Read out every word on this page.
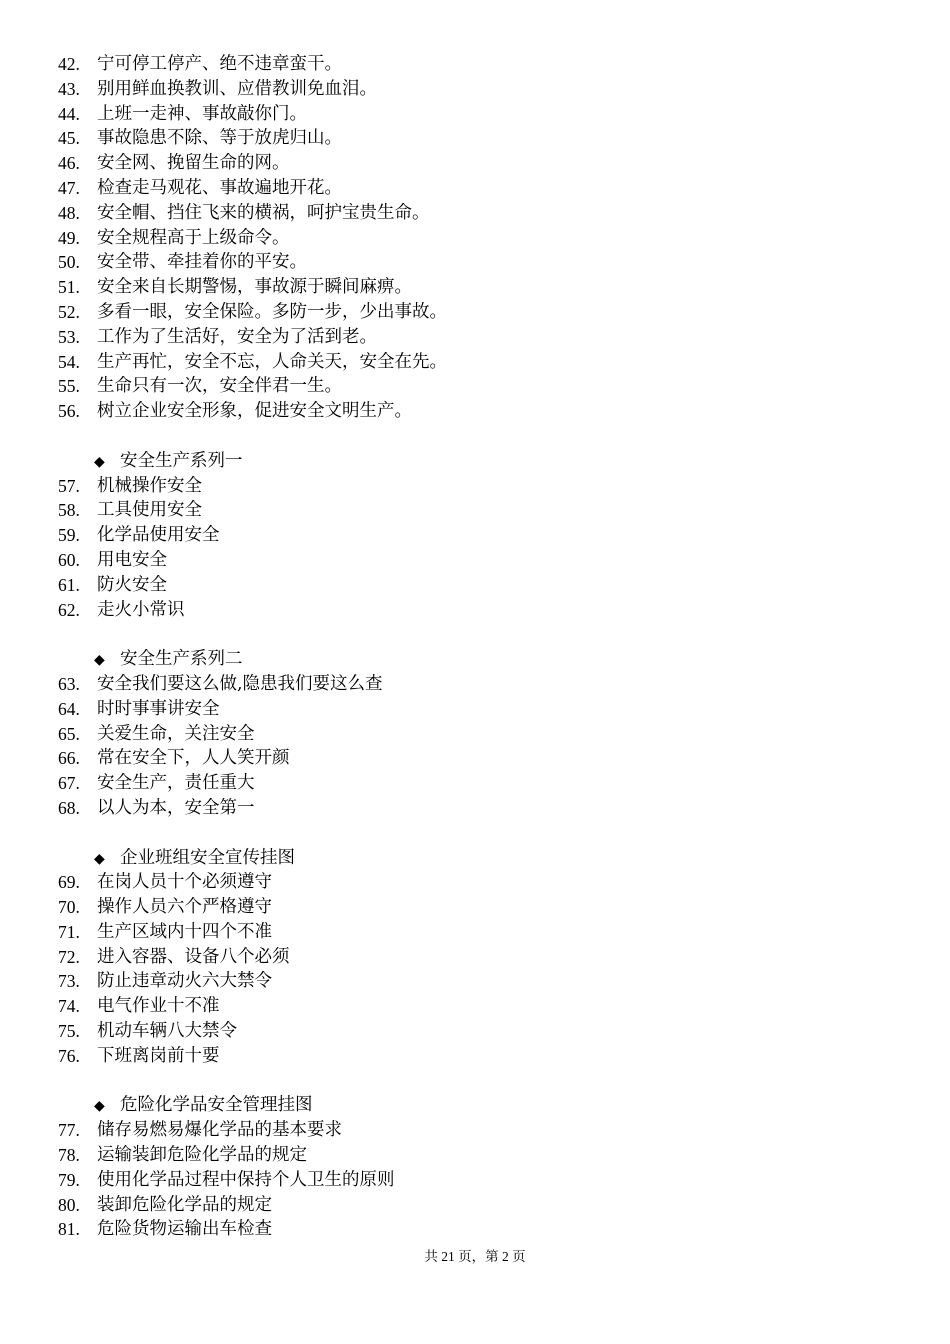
42. 宁可停工停产、绝不违章蛮干。
43. 别用鲜血换教训、应借教训免血泪。
44. 上班一走神、事故敲你门。
45. 事故隐患不除、等于放虎归山。
46. 安全网、挽留生命的网。
47. 检查走马观花、事故遍地开花。
48. 安全帽、挡住飞来的横祸，呵护宝贵生命。
49. 安全规程高于上级命令。
50. 安全带、牵挂着你的平安。
51. 安全来自长期警惕，事故源于瞬间麻痹。
52. 多看一眼，安全保险。多防一步，少出事故。
53. 工作为了生活好，安全为了活到老。
54. 生产再忙，安全不忘，人命关天，安全在先。
55. 生命只有一次，安全伴君一生。
56. 树立企业安全形象，促进安全文明生产。
◆ 安全生产系列一
57. 机械操作安全
58. 工具使用安全
59. 化学品使用安全
60. 用电安全
61. 防火安全
62. 走火小常识
◆ 安全生产系列二
63. 安全我们要这么做,隐患我们要这么查
64. 时时事事讲安全
65. 关爱生命，关注安全
66. 常在安全下，人人笑开颜
67. 安全生产，责任重大
68. 以人为本，安全第一
◆ 企业班组安全宣传挂图
69. 在岗人员十个必须遵守
70. 操作人员六个严格遵守
71. 生产区域内十四个不准
72. 进入容器、设备八个必须
73. 防止违章动火六大禁令
74. 电气作业十不准
75. 机动车辆八大禁令
76. 下班离岗前十要
◆ 危险化学品安全管理挂图
77. 储存易燃易爆化学品的基本要求
78. 运输装卸危险化学品的规定
79. 使用化学品过程中保持个人卫生的原则
80. 装卸危险化学品的规定
81. 危险货物运输出车检查
共 21 页，第 2 页
